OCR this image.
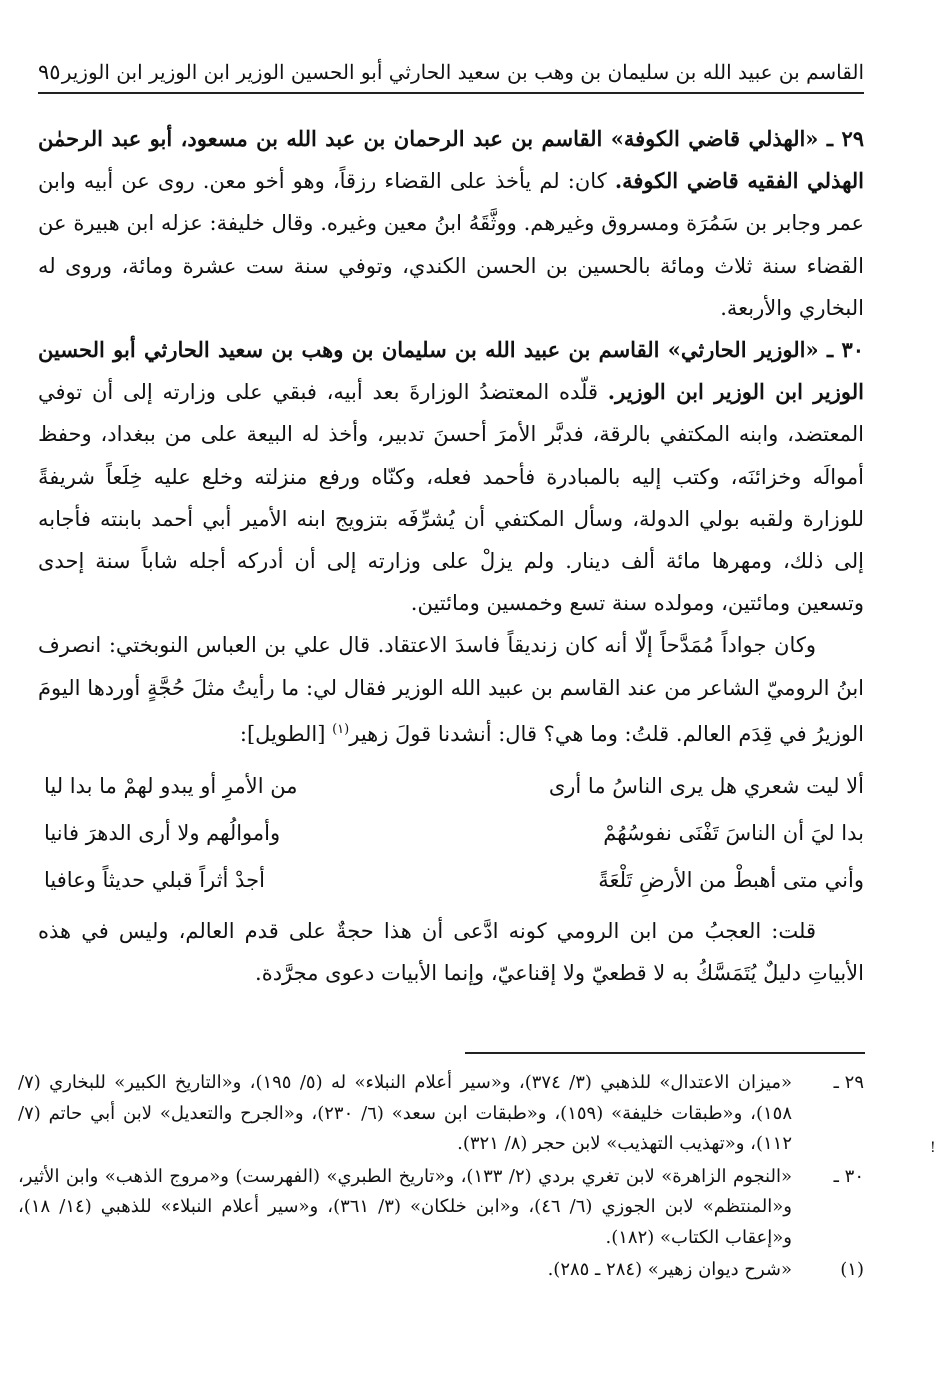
القاسم بن عبيد الله بن سليمان بن وهب بن سعيد الحارثي أبو الحسين الوزير ابن الوزير ابن الوزير
٩٥

٢٩ ـ «الهذلي قاضي الكوفة» القاسم بن عبد الرحمان بن عبد الله بن مسعود، أبو عبد الرحمٰن الهذلي الفقيه قاضي الكوفة. كان: لم يأخذ على القضاء رزقاً، وهو أخو معن. روى عن أبيه وابن عمر وجابر بن سَمُرَة ومسروق وغيرهم. ووثَّقَهُ ابنُ معين وغيره. وقال خليفة: عزله ابن هبيرة عن القضاء سنة ثلاث ومائة بالحسين بن الحسن الكندي، وتوفي سنة ست عشرة ومائة، وروى له البخاري والأربعة.

٣٠ ـ «الوزير الحارثي» القاسم بن عبيد الله بن سليمان بن وهب بن سعيد الحارثي أبو الحسين الوزير ابن الوزير ابن الوزير. قلّده المعتضدُ الوزارةَ بعد أبيه، فبقي على وزارته إلى أن توفي المعتضد، وابنه المكتفي بالرقة، فدبَّر الأمرَ أحسنَ تدبير، وأخذ له البيعة على من ببغداد، وحفظ أموالَه وخزائنَه، وكتب إليه بالمبادرة فأحمد فعله، وكنّاه ورفع منزلته وخلع عليه خِلَعاً شريفةً للوزارة ولقبه بولي الدولة، وسأل المكتفي أن يُشرِّفَه بتزويج ابنه الأمير أبي أحمد بابنته فأجابه إلى ذلك، ومهرها مائة ألف دينار. ولم يزلْ على وزارته إلى أن أدركه أجله شاباً سنة إحدى وتسعين ومائتين، ومولده سنة تسع وخمسين ومائتين.

وكان جواداً مُمَدَّحاً إلّا أنه كان زنديقاً فاسدَ الاعتقاد. قال علي بن العباس النوبختي: انصرف ابنُ الروميّ الشاعر من عند القاسم بن عبيد الله الوزير فقال لي: ما رأيتُ مثلَ حُجَّةٍ أوردها اليومَ الوزيرُ في قِدَم العالم. قلتُ: وما هي؟ قال: أنشدنا قولَ زهير$^{(١)}$ [الطويل]:

ألا ليت شعري هل يرى الناسُ ما أرى
من الأمرِ أو يبدو لهمْ ما بدا ليا
بدا ليَ أن الناسَ تَفْنَى نفوسُهُمْ
وأموالُهم ولا أرى الدهرَ فانيا
وأني متى أهبطْ من الأرضِ تَلْعَةً
أجدْ أثراً قبلي حديثاً وعافيا

قلت: العجبُ من ابن الرومي كونه ادَّعى أن هذا حجةٌ على قدم العالم، وليس في هذه الأبياتِ دليلٌ يُتَمَسَّكُ به لا قطعيّ ولا إقناعيّ، وإنما الأبيات دعوى مجرَّدة.

٢٩ ـ
«ميزان الاعتدال» للذهبي (٣/ ٣٧٤)، و«سير أعلام النبلاء» له (٥/ ١٩٥)، و«التاريخ الكبير» للبخاري (٧/ ١٥٨)، و«طبقات خليفة» (١٥٩)، و«طبقات ابن سعد» (٦/ ٢٣٠)، و«الجرح والتعديل» لابن أبي حاتم (٧/ ١١٢)، و«تهذيب التهذيب» لابن حجر (٨/ ٣٢١).
٣٠ ـ
«النجوم الزاهرة» لابن تغري بردي (٢/ ١٣٣)، و«تاريخ الطبري» (الفهرست) و«مروج الذهب» وابن الأثير، و«المنتظم» لابن الجوزي (٦/ ٤٦)، و«ابن خلكان» (٣/ ٣٦١)، و«سير أعلام النبلاء» للذهبي (١٤/ ١٨)، و«إعقاب الكتاب» (١٨٢).
(١)
«شرح ديوان زهير» (٢٨٤ ـ ٢٨٥).
!
